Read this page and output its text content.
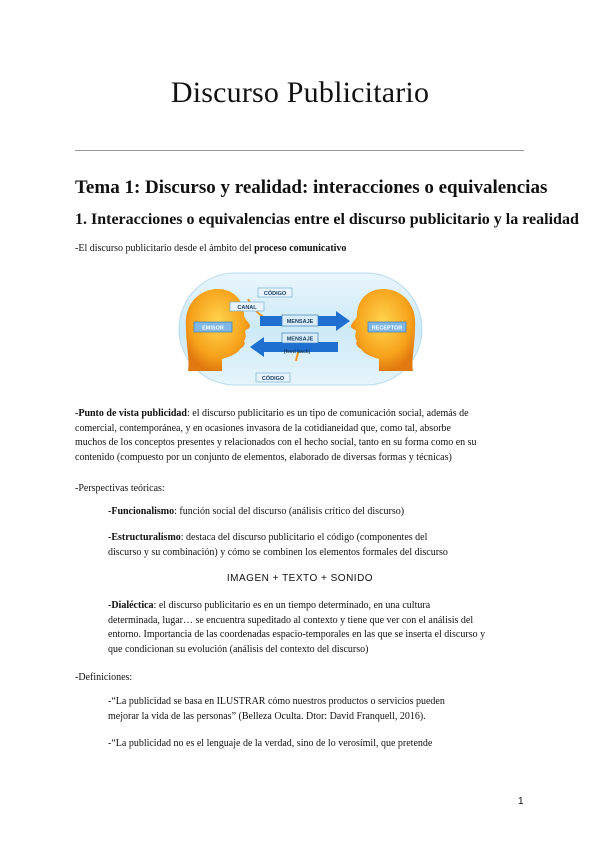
Discurso Publicitario
Tema 1: Discurso y realidad: interacciones o equivalencias
1. Interacciones o equivalencias entre el discurso publicitario y la realidad
-El discurso publicitario desde el ámbito del proceso comunicativo
CÓDIGO
CANAL
EMISOR	RECEPTOR
MENSAJE
MENSAJE
(feed back)
CÓDIGO
-Punto de vista publicidad: el discurso publicitario es un tipo de comunicación social, además de
comercial, contemporánea, y en ocasiones invasora de la cotidianeidad que, como tal, absorbe
muchos de los conceptos presentes y relacionados con el hecho social, tanto en su forma como en su
contenido (compuesto por un conjunto de elementos, elaborado de diversas formas y técnicas)
-Perspectivas teóricas:
-Funcionalismo: función social del discurso (análisis crítico del discurso)
-Estructuralismo: destaca del discurso publicitario el código (componentes del
discurso y su combinación) y cómo se combinen los elementos formales del discurso
IMAGEN + TEXTO + SONIDO
-Dialéctica: el discurso publicitario es en un tiempo determinado, en una cultura
determinada, lugar… se encuentra supeditado al contexto y tiene que ver con el análisis del
entorno. Importancia de las coordenadas espacio-temporales en las que se inserta el discurso y
que condicionan su evolución (análisis del contexto del discurso)
-Definiciones:
-“La publicidad se basa en ILUSTRAR cómo nuestros productos o servicios pueden
mejorar la vida de las personas” (Belleza Oculta. Dtor: David Franquell, 2016).
-“La publicidad no es el lenguaje de la verdad, sino de lo verosímil, que pretende
1
